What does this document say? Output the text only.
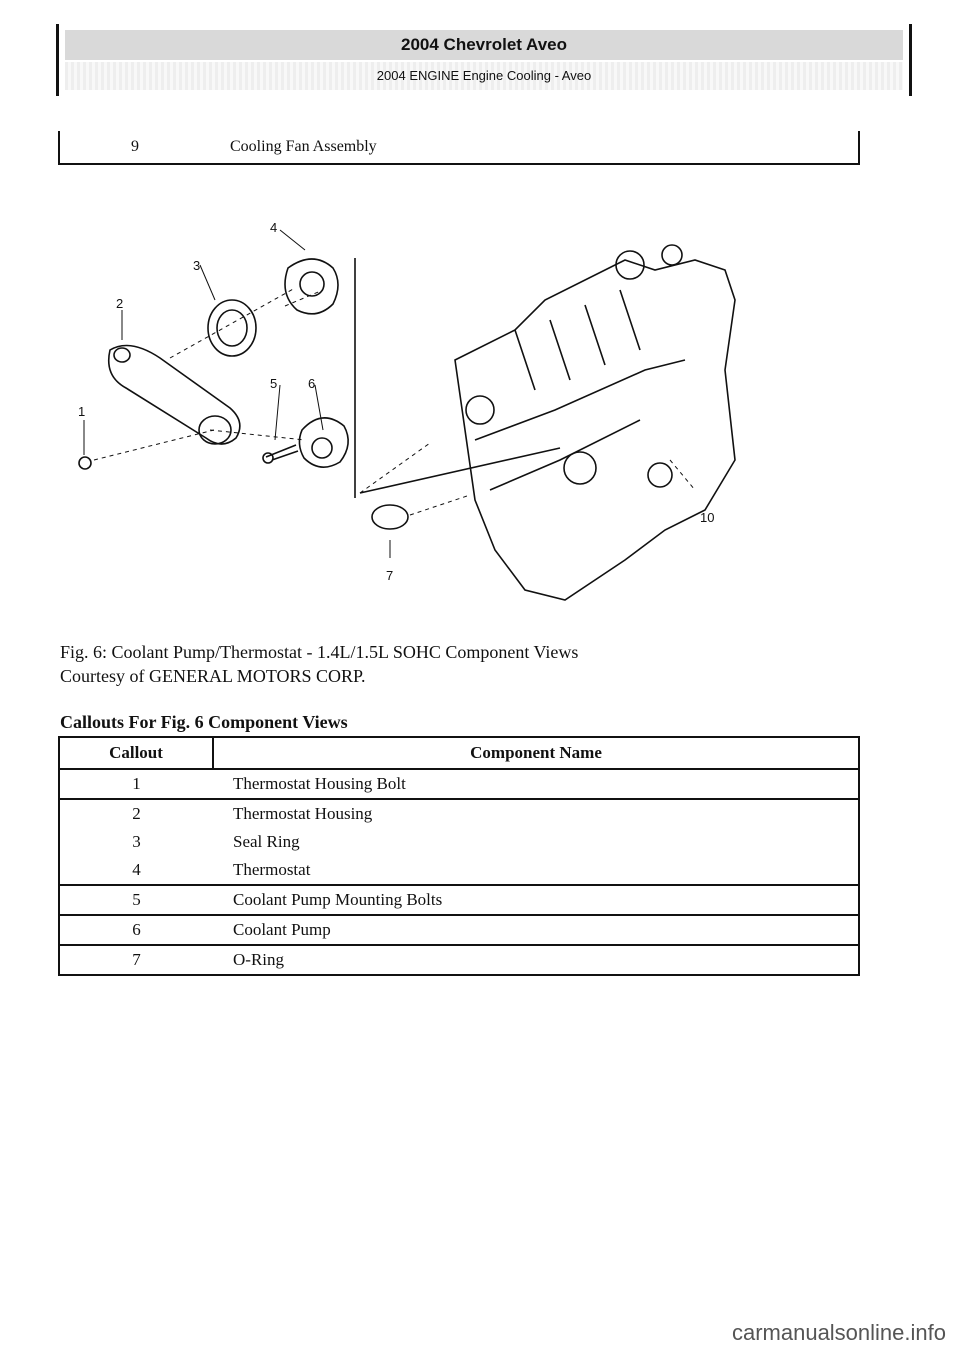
2004 Chevrolet Aveo
2004 ENGINE Engine Cooling - Aveo
9	Cooling Fan Assembly
4
3
2
1
5 6
7
10
Fig. 6: Coolant Pump/Thermostat - 1.4L/1.5L SOHC Component Views
Courtesy of GENERAL MOTORS CORP.
Callouts For Fig. 6 Component Views
Callout	Component Name
1	Thermostat Housing Bolt
2	Thermostat Housing
3	Seal Ring
4	Thermostat
5	Coolant Pump Mounting Bolts
6	Coolant Pump
7	O-Ring
carmanualsonline.info
